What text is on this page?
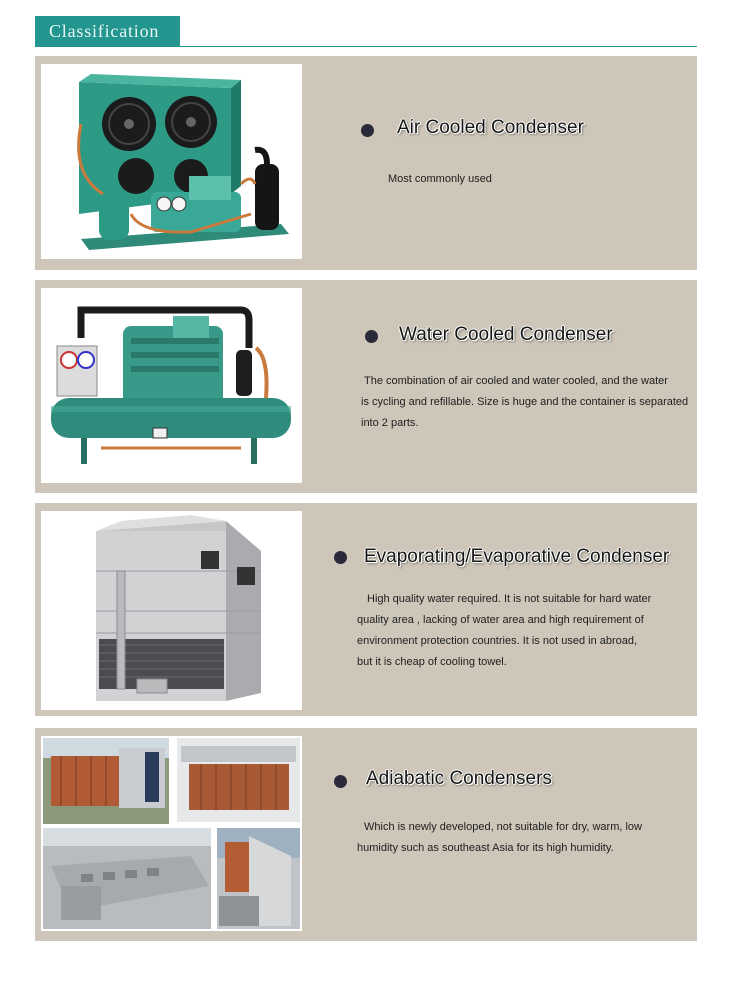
Classification
Air Cooled Condenser
Most commonly used
Water Cooled Condenser
The combination of air cooled and water cooled, and the water
is cycling and refillable. Size is huge and the container is separated
into 2 parts.
Evaporating/Evaporative Condenser
High quality water required. It is not suitable for hard water
quality area , lacking of water area and high requirement of
environment protection countries. It is not used in abroad,
but it is cheap of cooling towel.
Adiabatic Condensers
Which is newly developed, not suitable for dry, warm, low
humidity such as southeast Asia for its high humidity.
